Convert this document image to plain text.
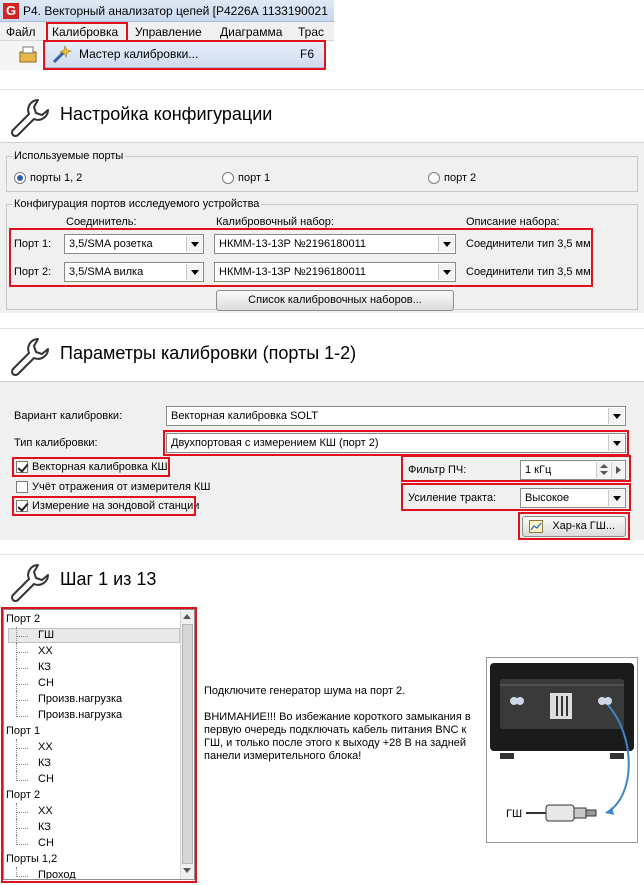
G Р4. Векторный анализатор цепей [Р4226А 1133190021
Файл Калибровка Управление Диаграмма Трас
Мастер калибровки...	F6
Настройка конфигурации
Используемые порты
порты 1, 2	порт 1	порт 2
Конфигурация портов исследуемого устройства
Соединитель:	Калибровочный набор:	Описание набора:
Порт 1: 3,5/SMA розетка	НКММ-13-13Р №2196180011	Соединители тип 3,5 мм
Порт 2: 3,5/SMA вилка	НКММ-13-13Р №2196180011	Соединители тип 3,5 мм
Список калибровочных наборов...
Параметры калибровки (порты 1-2)
Вариант калибровки:	Векторная калибровка SOLT
Тип калибровки:	Двухпортовая с измерением КШ (порт 2)
Векторная калибровка КШ
Учёт отражения от измерителя КШ
Измерение на зондовой станции
Фильтр ПЧ:	1 кГц
Усиление тракта:	Высокое
Хар-ка ГШ...
Шаг 1 из 13
Порт 2
ГШ
ХХ
КЗ
СН
Произв.нагрузка
Произв.нагрузка
Порт 1
ХХ
КЗ
СН
Порт 2
ХХ
КЗ
СН
Порты 1,2
Проход
Подключите генератор шума на порт 2.
ВНИМАНИЕ!!! Во избежание короткого замыкания в первую очередь подключать кабель питания BNC к ГШ, и только после этого к выходу +28 В на задней панели измерительного блока!
ГШ
